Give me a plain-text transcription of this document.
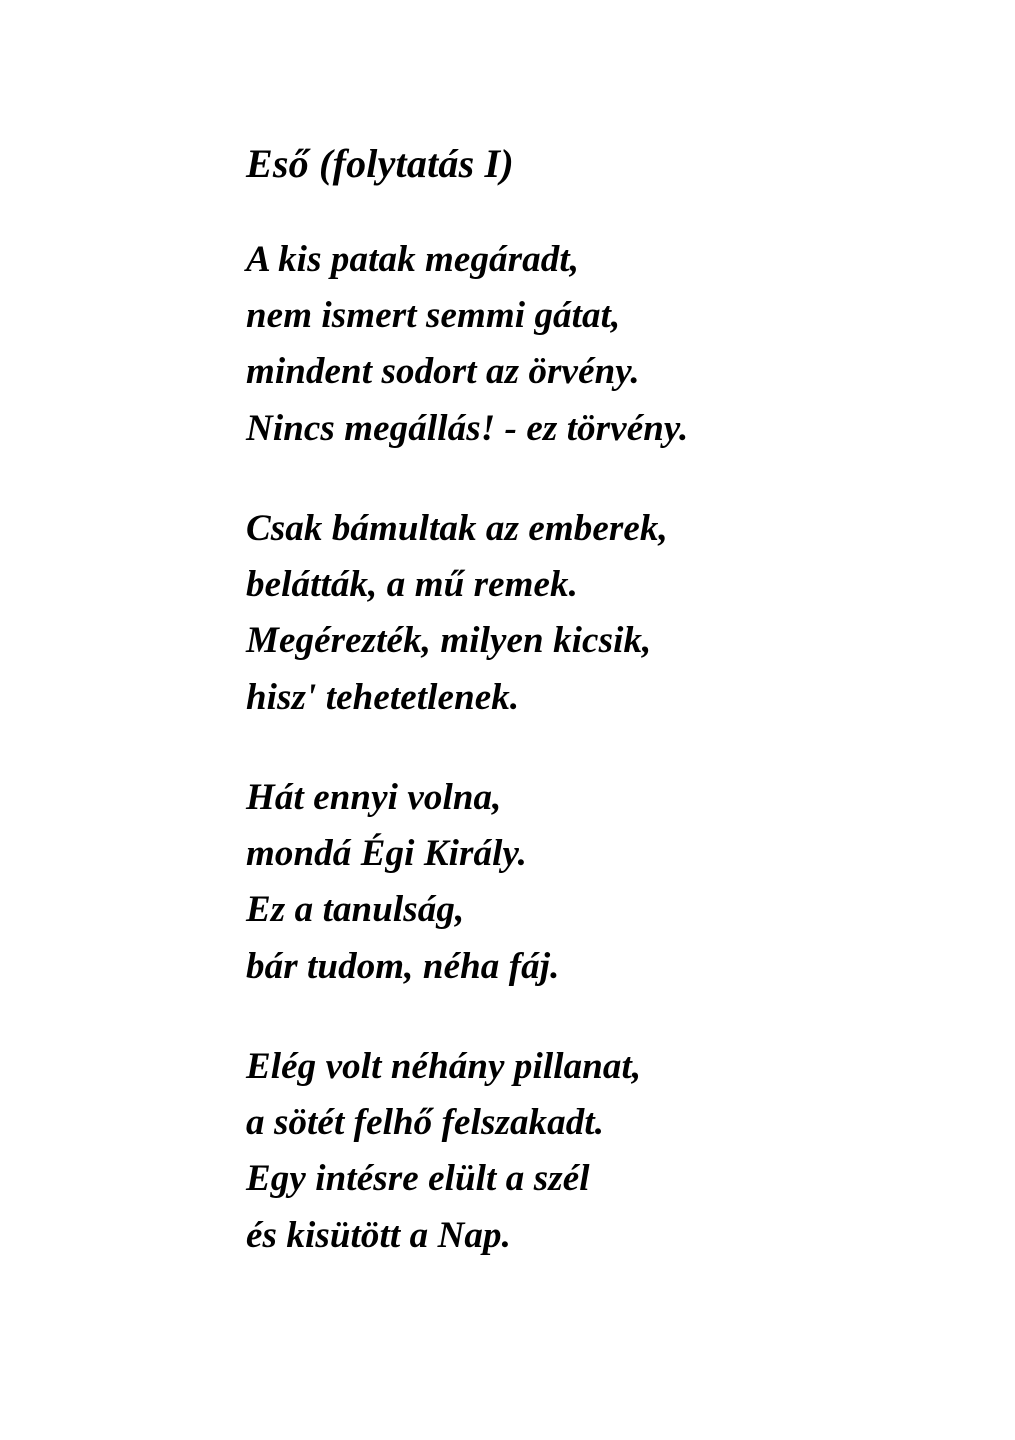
Eső (folytatás I)
A kis patak megáradt,
nem ismert semmi gátat,
mindent sodort az örvény.
Nincs megállás! - ez törvény.
Csak bámultak az emberek,
belátták, a mű remek.
Megérezték, milyen kicsik,
hisz' tehetetlenek.
Hát ennyi volna,
mondá Égi Király.
Ez a tanulság,
bár tudom, néha fáj.
Elég volt néhány pillanat,
a sötét felhő felszakadt.
Egy intésre elült a szél
és kisütött a Nap.
